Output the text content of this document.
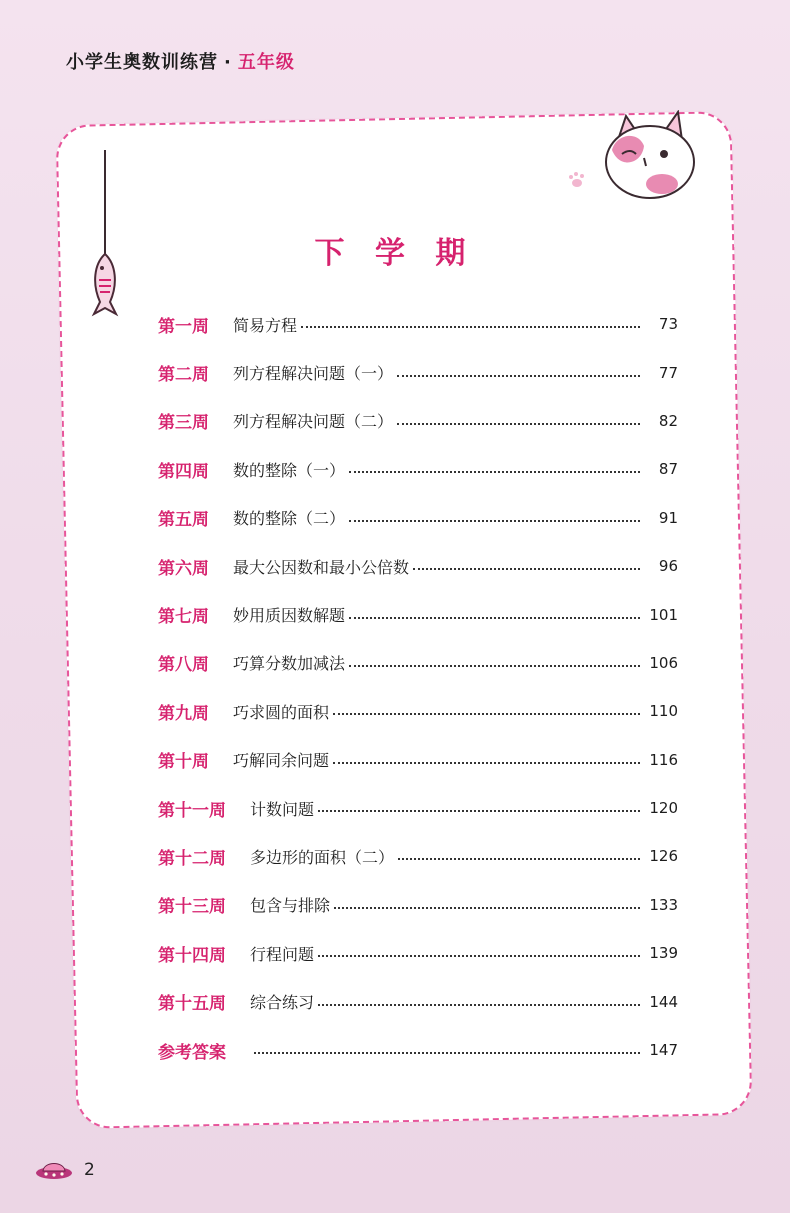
小学生奥数训练营 · 五年级
下 学 期
第一周 简易方程	73
第二周 列方程解决问题（一）	77
第三周 列方程解决问题（二）	82
第四周 数的整除（一）	87
第五周 数的整除（二）	91
第六周 最大公因数和最小公倍数	96
第七周 妙用质因数解题	101
第八周 巧算分数加减法	106
第九周 巧求圆的面积	110
第十周 巧解同余问题	116
第十一周 计数问题	120
第十二周 多边形的面积（二）	126
第十三周 包含与排除	133
第十四周 行程问题	139
第十五周 综合练习	144
参考答案	147
2
